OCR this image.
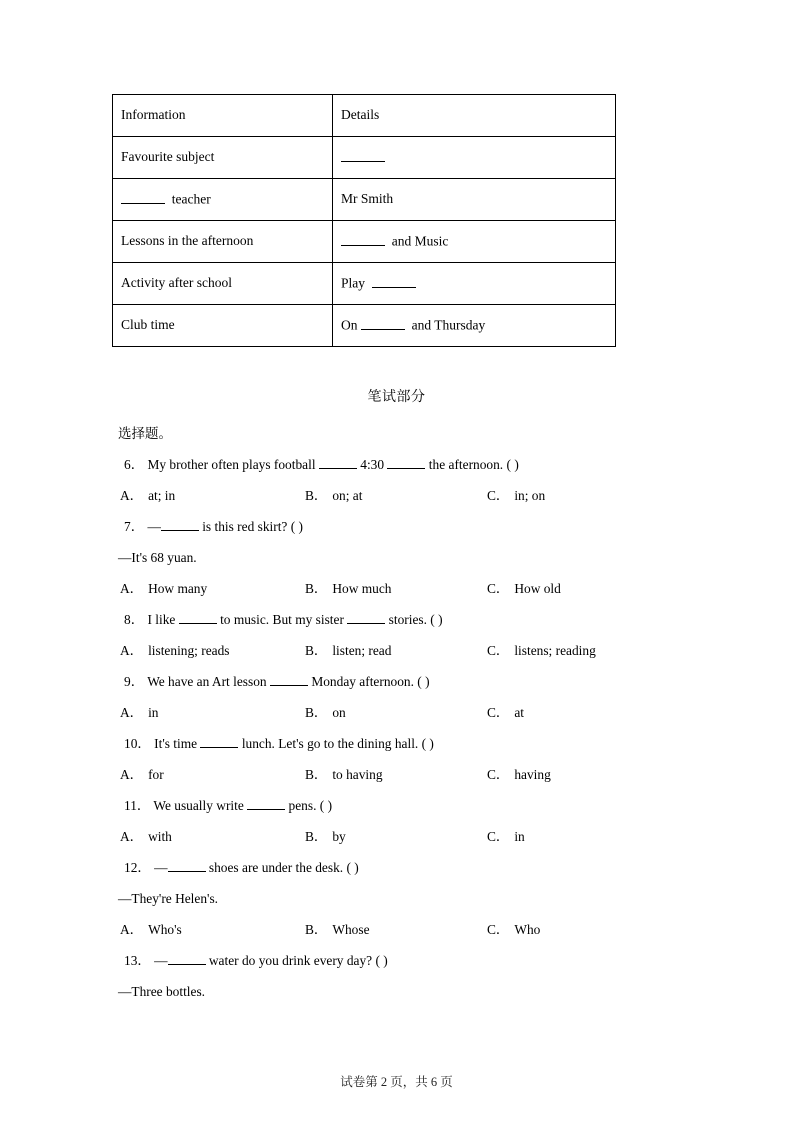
Information	Details
Favourite subject	
teacher	Mr Smith
Lessons in the afternoon	and Music
Activity after school	Play
Club time	On and Thursday
笔试部分
选择题。
6． My brother often plays football	4:30	the afternoon. ( )
A． at; in	B． on; at	C． in; on
7． —	is this red skirt? ( )
—It's 68 yuan.
A． How many	B． How much	C． How old
8． I like	to music. But my sister	stories. ( )
A． listening; reads	B． listen; read	C． listens; reading
9． We have an Art lesson	Monday afternoon. ( )
A． in	B． on	C． at
10． It's time	lunch. Let's go to the dining hall. ( )
A． for	B． to having	C． having
11． We usually write	pens. ( )
A． with	B． by	C． in
12． —	shoes are under the desk. ( )
—They're Helen's.
A． Who's	B． Whose	C． Who
13． —	water do you drink every day? ( )
—Three bottles.
试卷第 2 页，共 6 页
